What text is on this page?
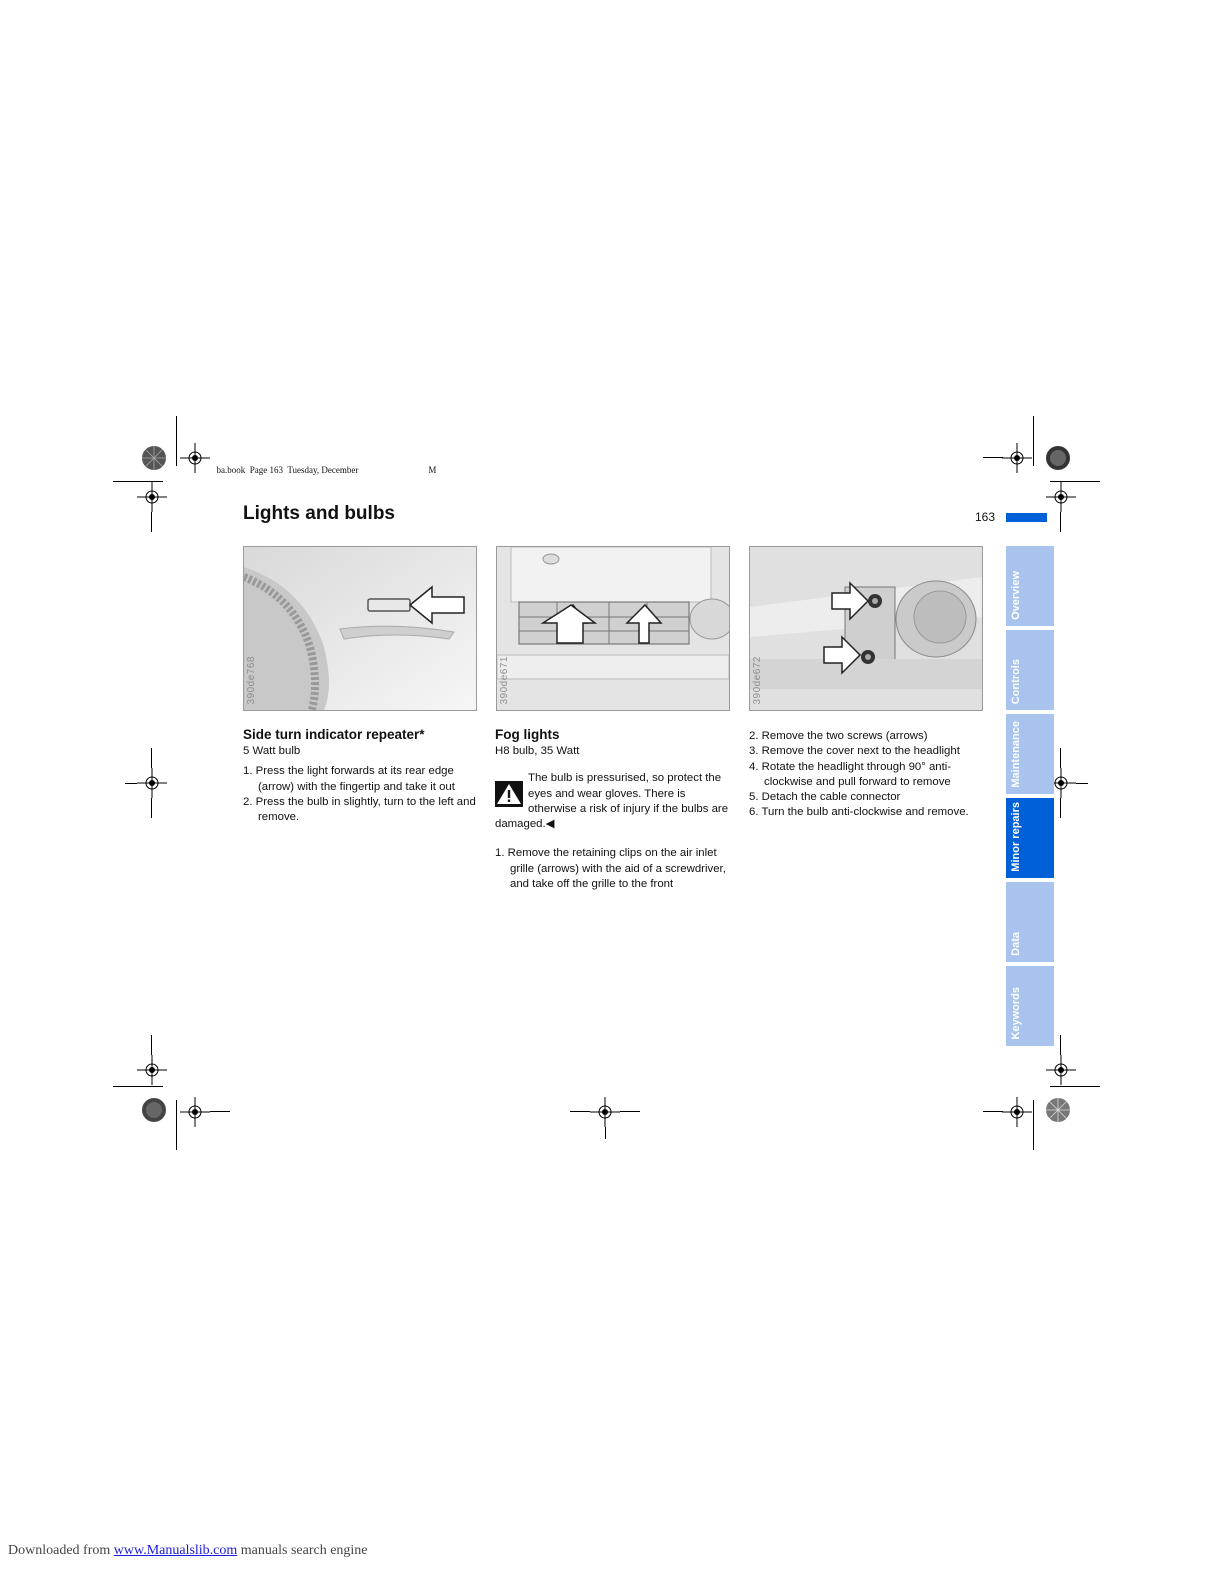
ba.book  Page 163  Tuesday, December	M

Lights and bulbs	163
390de768	390de671	390de672
Side turn indicator repeater*

5 Watt bulb

1. Press the light forwards at its rear edge (arrow) with the fingertip and take it out
2. Press the bulb in slightly, turn to the left and remove.
Fog lights

H8 bulb, 35 Watt

The bulb is pressurised, so protect the eyes and wear gloves. There is otherwise a risk of injury if the bulbs are damaged.◀

1. Remove the retaining clips on the air inlet grille (arrows) with the aid of a screwdriver, and take off the grille to the front
2. Remove the two screws (arrows)
3. Remove the cover next to the headlight
4. Rotate the headlight through 90° anti-clockwise and pull forward to remove
5. Detach the cable connector
6. Turn the bulb anti-clockwise and remove.
Overview
Controls
Maintenance
Minor repairs
Data
Keywords
Downloaded from www.Manualslib.com manuals search engine
